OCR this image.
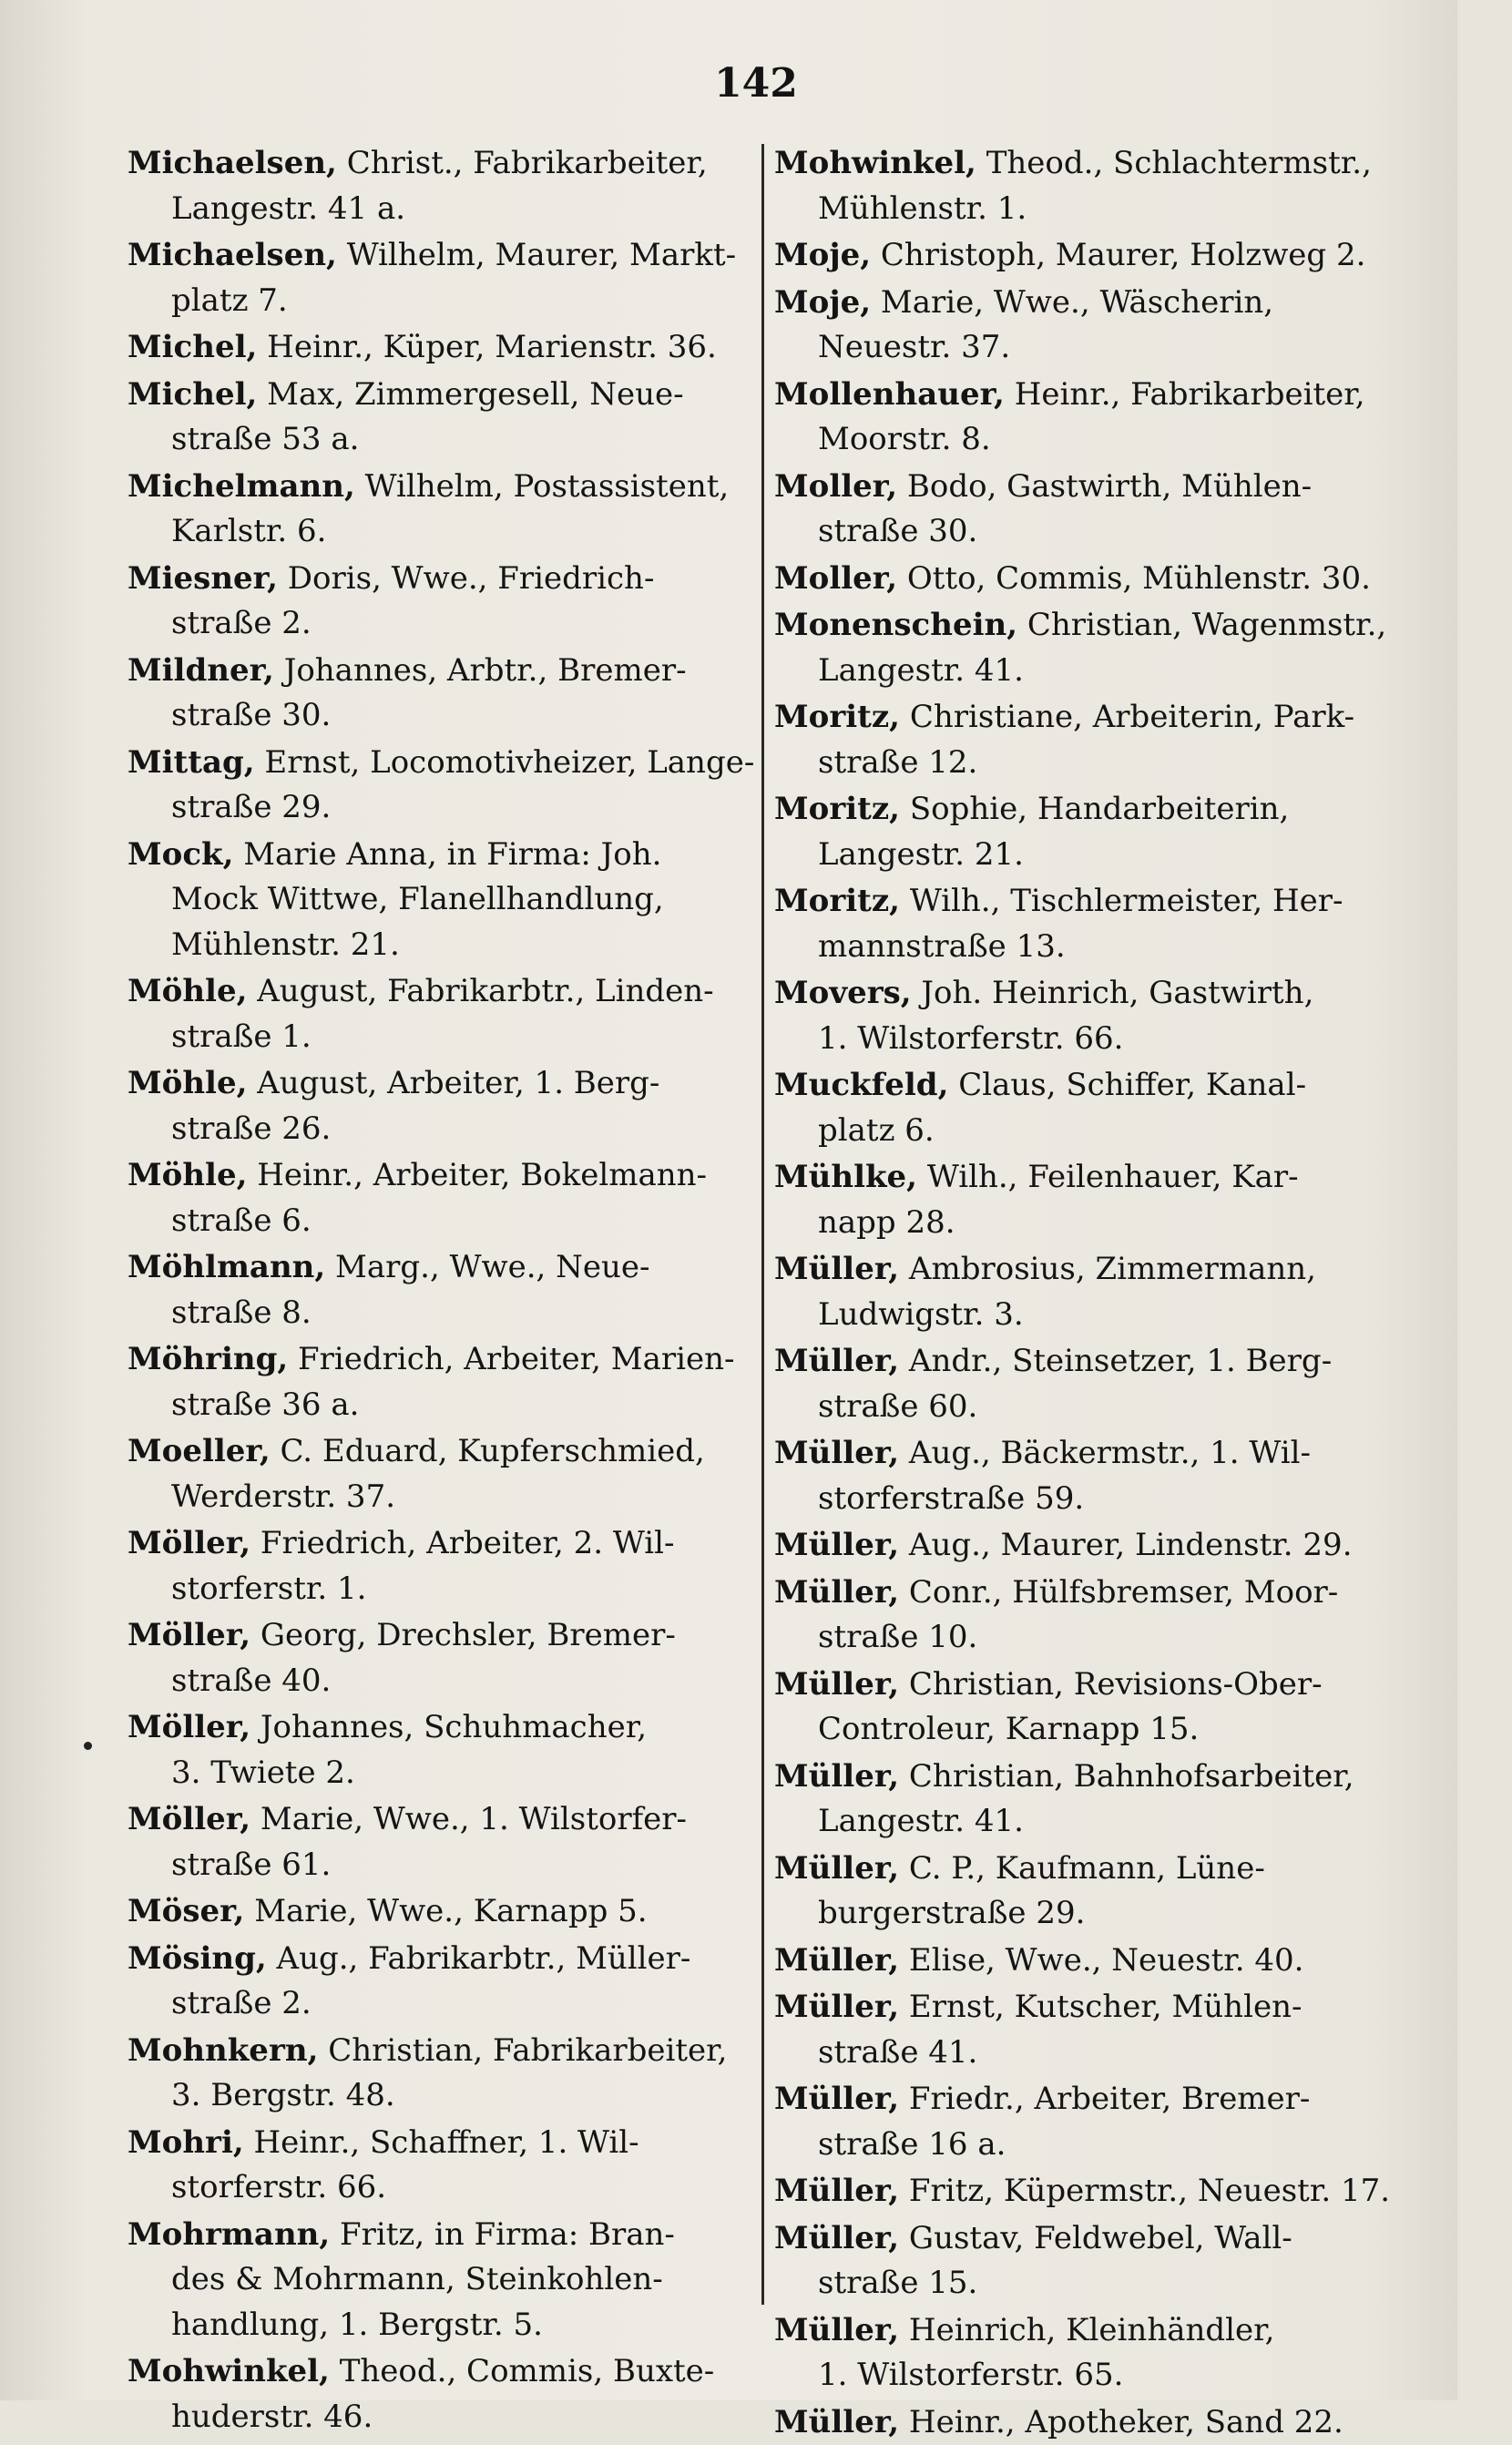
142
Michaelsen, Christ., Fabrikarbeiter,
Langestr. 41 a.
Michaelsen, Wilhelm, Maurer, Markt-
platz 7.
Michel, Heinr., Küper, Marienstr. 36.
Michel, Max, Zimmergesell, Neue-
straße 53 a.
Michelmann, Wilhelm, Postassistent,
Karlstr. 6.
Miesner, Doris, Wwe., Friedrich-
straße 2.
Mildner, Johannes, Arbtr., Bremer-
straße 30.
Mittag, Ernst, Locomotivheizer, Lange-
straße 29.
Mock, Marie Anna, in Firma: Joh.
Mock Wittwe, Flanellhandlung,
Mühlenstr. 21.
Möhle, August, Fabrikarbtr., Linden-
straße 1.
Möhle, August, Arbeiter, 1. Berg-
straße 26.
Möhle, Heinr., Arbeiter, Bokelmann-
straße 6.
Möhlmann, Marg., Wwe., Neue-
straße 8.
Möhring, Friedrich, Arbeiter, Marien-
straße 36 a.
Moeller, C. Eduard, Kupferschmied,
Werderstr. 37.
Möller, Friedrich, Arbeiter, 2. Wil-
storferstr. 1.
Möller, Georg, Drechsler, Bremer-
straße 40.
Möller, Johannes, Schuhmacher,
3. Twiete 2.
Möller, Marie, Wwe., 1. Wilstorfer-
straße 61.
Möser, Marie, Wwe., Karnapp 5.
Mösing, Aug., Fabrikarbtr., Müller-
straße 2.
Mohnkern, Christian, Fabrikarbeiter,
3. Bergstr. 48.
Mohri, Heinr., Schaffner, 1. Wil-
storferstr. 66.
Mohrmann, Fritz, in Firma: Bran-
des & Mohrmann, Steinkohlen-
handlung, 1. Bergstr. 5.
Mohwinkel, Theod., Commis, Buxte-
huderstr. 46.
Mohwinkel, Theod., Schlachtermstr.,
Mühlenstr. 1.
Moje, Christoph, Maurer, Holzweg 2.
Moje, Marie, Wwe., Wäscherin,
Neuestr. 37.
Mollenhauer, Heinr., Fabrikarbeiter,
Moorstr. 8.
Moller, Bodo, Gastwirth, Mühlen-
straße 30.
Moller, Otto, Commis, Mühlenstr. 30.
Monenschein, Christian, Wagenmstr.,
Langestr. 41.
Moritz, Christiane, Arbeiterin, Park-
straße 12.
Moritz, Sophie, Handarbeiterin,
Langestr. 21.
Moritz, Wilh., Tischlermeister, Her-
mannstraße 13.
Movers, Joh. Heinrich, Gastwirth,
1. Wilstorferstr. 66.
Muckfeld, Claus, Schiffer, Kanal-
platz 6.
Mühlke, Wilh., Feilenhauer, Kar-
napp 28.
Müller, Ambrosius, Zimmermann,
Ludwigstr. 3.
Müller, Andr., Steinsetzer, 1. Berg-
straße 60.
Müller, Aug., Bäckermstr., 1. Wil-
storferstraße 59.
Müller, Aug., Maurer, Lindenstr. 29.
Müller, Conr., Hülfsbremser, Moor-
straße 10.
Müller, Christian, Revisions-Ober-
Controleur, Karnapp 15.
Müller, Christian, Bahnhofsarbeiter,
Langestr. 41.
Müller, C. P., Kaufmann, Lüne-
burgerstraße 29.
Müller, Elise, Wwe., Neuestr. 40.
Müller, Ernst, Kutscher, Mühlen-
straße 41.
Müller, Friedr., Arbeiter, Bremer-
straße 16 a.
Müller, Fritz, Küpermstr., Neuestr. 17.
Müller, Gustav, Feldwebel, Wall-
straße 15.
Müller, Heinrich, Kleinhändler,
1. Wilstorferstr. 65.
Müller, Heinr., Apotheker, Sand 22.
